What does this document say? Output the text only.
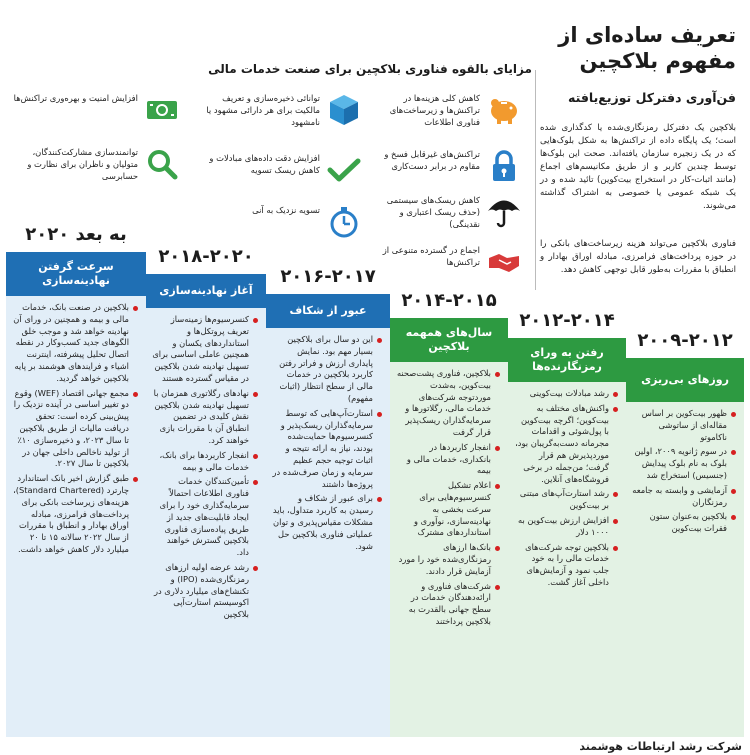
تعریف ساده‌ای از
مفهوم بلاکچین
فن‌آوری دفترکل توزیع‌یافته

بلاکچین یک دفترکل رمزنگاری‌شده یا کدگذاری شده است؛ یک پایگاه داده از تراکنش‌ها به شکل بلوک‌هایی که در یک زنجیره سازمان یافته‌اند. صحت این بلوک‌ها توسط چندین کاربر و از طریق مکانیسم‌های اجماع (مانند اثبات-کار در استخراج بیت‌کوین) تائید شده و در یک شبکه عمومی یا خصوصی به اشتراک گذاشته می‌شوند.

فناوری بلاکچین می‌تواند هزینه زیرساخت‌های بانکی را در حوزه پرداخت‌های فرامرزی، مبادله اوراق بهادار و انطباق با مقررات به‌طور قابل توجهی کاهش دهد.

مزایای بالقوه فناوری بلاکچین برای صنعت خدمات مالی
کاهش کلی هزینه‌ها در تراکنش‌ها و زیرساخت‌های فناوری اطلاعات
تراکنش‌های غیرقابل فسخ و مقاوم در برابر دست‌کاری
کاهش ریسک‌های سیستمی (حذف ریسک اعتباری و نقدینگی)
اجماع در گسترده متنوعی از تراکنش‌ها
توانائی ذخیره‌سازی و تعریف مالکیت برای هر دارائی مشهود یا نامشهود
افزایش دقت داده‌های مبادلات و کاهش ریسک تسویه
تسویه نزدیک به آنی
افزایش امنیت و بهره‌وری تراکنش‌ها
توانمندسازی مشارکت‌کنندگان، متولیان و ناظران برای نظارت و حسابرسی
۲۰۰۹-۲۰۱۲
روزهای بی‌ریزی
ظهور بیت‌کوین بر اساس مقاله‌ای از ساتوشی ناکاموتو
در سوم ژانویه ۲۰۰۹، اولین بلوک به نام بلوک پیدایش (جنسیس) استخراج شد
آزمایشی و وابسته به جامعه رمزنگاران
بلاکچین به‌عنوان ستون فقرات بیت‌کوین
۲۰۱۲-۲۰۱۴
رفتن به ورای رمزنگارنده‌ها
رشد مبادلات بیت‌کوینی
واکنش‌های مختلف به بیت‌کوین؛ اگرچه بیت‌کوین با پول‌شوئی و اقدامات مجرمانه دست‌به‌گریبان بود، موردپذیرش هم قرار گرفت؛ من‌جمله در برخی فروشگاه‌های آنلاین.
رشد استارت‌آپ‌های مبتنی بر بیت‌کوین
افزایش ارزش بیت‌کوین به ۱۰۰۰ دلار
بلاکچین توجه شرکت‌های خدمات مالی را به خود جلب نمود و آزمایش‌های داخلی آغاز گشت.
۲۰۱۴-۲۰۱۵
سال‌های همهمه بلاکچین
بلاکچین، فناوری پشت‌صحنه بیت‌کوین، به‌شدت موردتوجه شرکت‌های خدمات مالی، رگلاتورها و سرمایه‌گذاران ریسک‌پذیر قرار گرفت
انفجار کاربردها در بانکداری، خدمات مالی و بیمه
اعلام تشکیل کنسرسیوم‌هایی برای سرعت بخشی به نهادینه‌سازی، نوآوری و استانداردهای مشترک
بانک‌ها ارزهای رمزنگاری‌شده خود را مورد آزمایش قرار دادند.
شرکت‌های فناوری و ارائه‌دهندگان خدمات در سطح جهانی بالقدرت به بلاکچین پرداختند
۲۰۱۶-۲۰۱۷
عبور از شکاف
این دو سال برای بلاکچین بسیار مهم بود. نمایش پایداری ارزش و فراتر رفتن کاربرد بلاکچین در خدمات مالی از سطح انتظار (اثبات مفهوم)
استارت‌آپ‌هایی که توسط سرمایه‌گذاران ریسک‌پذیر و کنسرسیوم‌ها حمایت‌شده بودند، نیاز به ارائه نتیجه و اثبات توجیه حجم عظیم سرمایه و زمان صرف‌شده در پروژه‌ها داشتند
برای عبور از شکاف و رسیدن به کاربرد متداول، باید مشکلات مقیاس‌پذیری و توان عملیاتی فناوری بلاکچین حل شود.
۲۰۱۸-۲۰۲۰
آغاز نهادینه‌سازی
کنسرسیوم‌ها زمینه‌ساز تعریف پروتکل‌ها و استانداردهای یکسان و همچنین عاملی اساسی برای تسهیل نهادینه شدن بلاکچین در مقیاس گسترده هستند
نهادهای رگلاتوری همزمان با تسهیل نهادینه شدن بلاکچین نقش کلیدی در تضمین انطباق آن با مقررات بازی خواهند کرد.
انفجار کاربردها برای بانک، خدمات مالی و بیمه
تأمین‌کنندگان خدمات فناوری اطلاعات احتمالاً سرمایه‌گذاری خود را برای ایجاد قابلیت‌های جدید از طریق پیاده‌سازی فناوری بلاکچین گسترش خواهند داد.
رشد عرضه اولیه ارزهای رمزنگاری‌شده (IPO) و تکنشاخ‌های میلیارد دلاری در اکوسیستم استارت‌آپی بلاکچین
۲۰۲۰ به بعد
سرعت گرفتن نهادینه‌سازی
بلاکچین در صنعت بانک، خدمات مالی و بیمه و همچنین در ورای آن نهادینه خواهد شد و موجب خلق الگوهای جدید کسب‌وکار در نقطه اتصال تحلیل پیشرفته، اینترنت اشیاء و فرایندهای هوشمند بر پایه بلاکچین خواهد گردید.
مجمع جهانی اقتصاد (WEF) وقوع دو تغییر اساسی در آینده نزدیک را پیش‌بینی کرده است: تحقق دریافت مالیات از طریق بلاکچین تا سال ۲۰۲۳، و ذخیره‌سازی ۱۰٪ از تولید ناخالص داخلی جهان در بلاکچین تا سال ۲۰۲۷.
طبق گزارش اخیر بانک استاندارد چارترد (Standard Chartered)، هزینه‌های زیرساخت بانکی برای پرداخت‌های فرامرزی، مبادله اوراق بهادار و انطباق با مقررات از سال ۲۰۲۲ سالانه ۱۵ تا ۲۰ میلیارد دلار کاهش خواهد داشت.
شرکت رشد ارتباطات هوشمند
